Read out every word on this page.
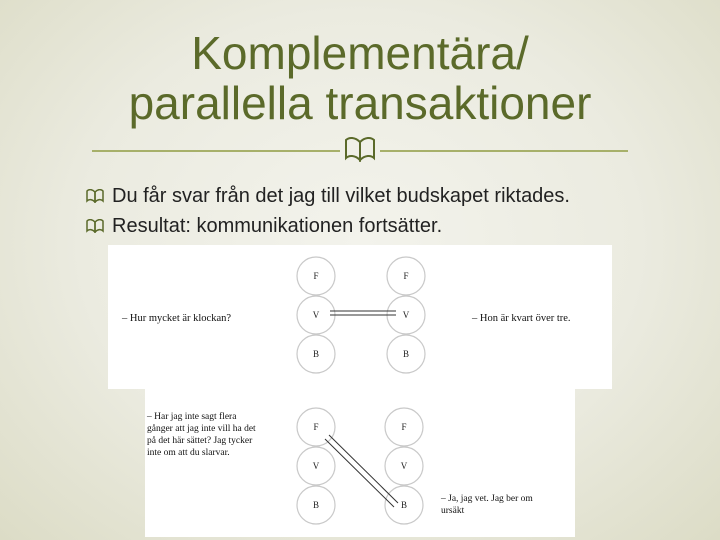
Komplementära/
parallella transaktioner
Du får svar från det jag till vilket budskapet riktades.
Resultat: kommunikationen fortsätter.
F
V
B
F
V
B
– Hur mycket är klockan?	– Hon är kvart över tre.
F
V
B
F
V
B
– Har jag inte sagt flera
gånger att jag inte vill ha det
på det här sättet? Jag tycker
inte om att du slarvar.
– Ja, jag vet. Jag ber om
ursäkt
